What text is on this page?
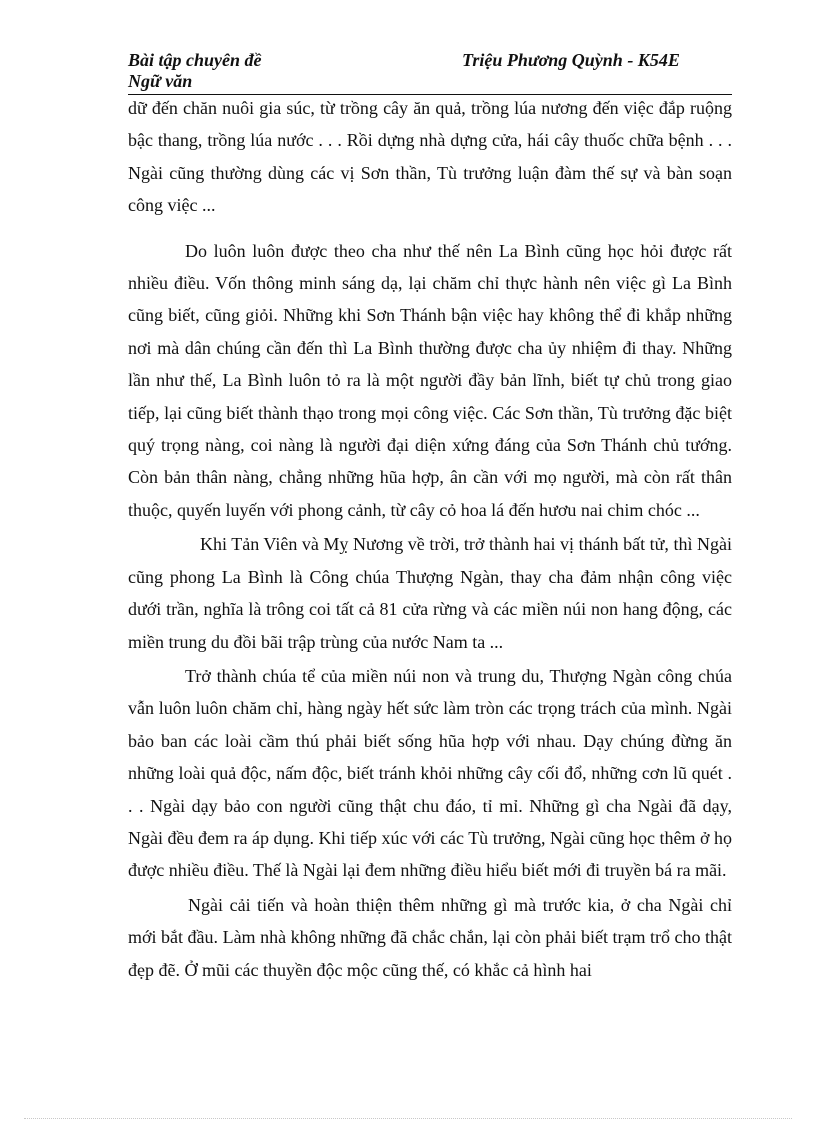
Bài tập chuyên đề
Ngữ văn
Triệu Phương Quỳnh - K54E

dữ đến chăn nuôi gia súc, từ trồng cây ăn quả, trồng lúa nương đến việc đắp ruộng bậc thang, trồng lúa nước . . . Rồi dựng nhà dựng cửa, hái cây thuốc chữa bệnh . . . Ngài cũng thường dùng các vị Sơn thần, Tù trưởng luận đàm thế sự và bàn soạn công việc ...

Do luôn luôn được theo cha như thế nên La Bình cũng học hỏi được rất nhiều điều. Vốn thông minh sáng dạ, lại chăm chỉ thực hành nên việc gì La Bình cũng biết, cũng giỏi. Những khi Sơn Thánh bận việc hay không thể đi khắp những nơi mà dân chúng cần đến thì La Bình thường được cha ủy nhiệm đi thay. Những lần như thế, La Bình luôn tỏ ra là một người đầy bản lĩnh, biết tự chủ trong giao tiếp, lại cũng biết thành thạo trong mọi công việc. Các Sơn thần, Tù trưởng đặc biệt quý trọng nàng, coi nàng là người đại diện xứng đáng của Sơn Thánh chủ tướng. Còn bản thân nàng, chẳng những hũa hợp, ân cần với mọ người, mà còn rất thân thuộc, quyến luyến với phong cảnh, từ cây cỏ hoa lá đến hươu nai chim chóc ...

Khi Tản Viên và Mỵ Nương về trời, trở thành hai vị thánh bất tử, thì Ngài cũng phong La Bình là Công chúa Thượng Ngàn, thay cha đảm nhận công việc dưới trần, nghĩa là trông coi tất cả 81 cửa rừng và các miền núi non hang động, các miền trung du đồi bãi trập trùng của nước Nam ta ...

Trở thành chúa tể của miền núi non và trung du, Thượng Ngàn công chúa vẫn luôn luôn chăm chỉ, hàng ngày hết sức làm tròn các trọng trách của mình. Ngài bảo ban các loài cầm thú phải biết sống hũa hợp với nhau. Dạy chúng đừng ăn những loài quả độc, nấm độc, biết tránh khỏi những cây cối đổ, những cơn lũ quét . . . Ngài dạy bảo con người cũng thật chu đáo, tỉ mỉ. Những gì cha Ngài đã dạy, Ngài đều đem ra áp dụng. Khi tiếp xúc với các Tù trưởng, Ngài cũng học thêm ở họ được nhiều điều. Thế là Ngài lại đem những điều hiểu biết mới đi truyền bá ra mãi.

Ngài cải tiến và hoàn thiện thêm những gì mà trước kia, ở cha Ngài chỉ mới bắt đầu. Làm nhà không những đã chắc chắn, lại còn phải biết trạm trổ cho thật đẹp đẽ. Ở mũi các thuyền độc mộc cũng thế, có khắc cả hình hai
